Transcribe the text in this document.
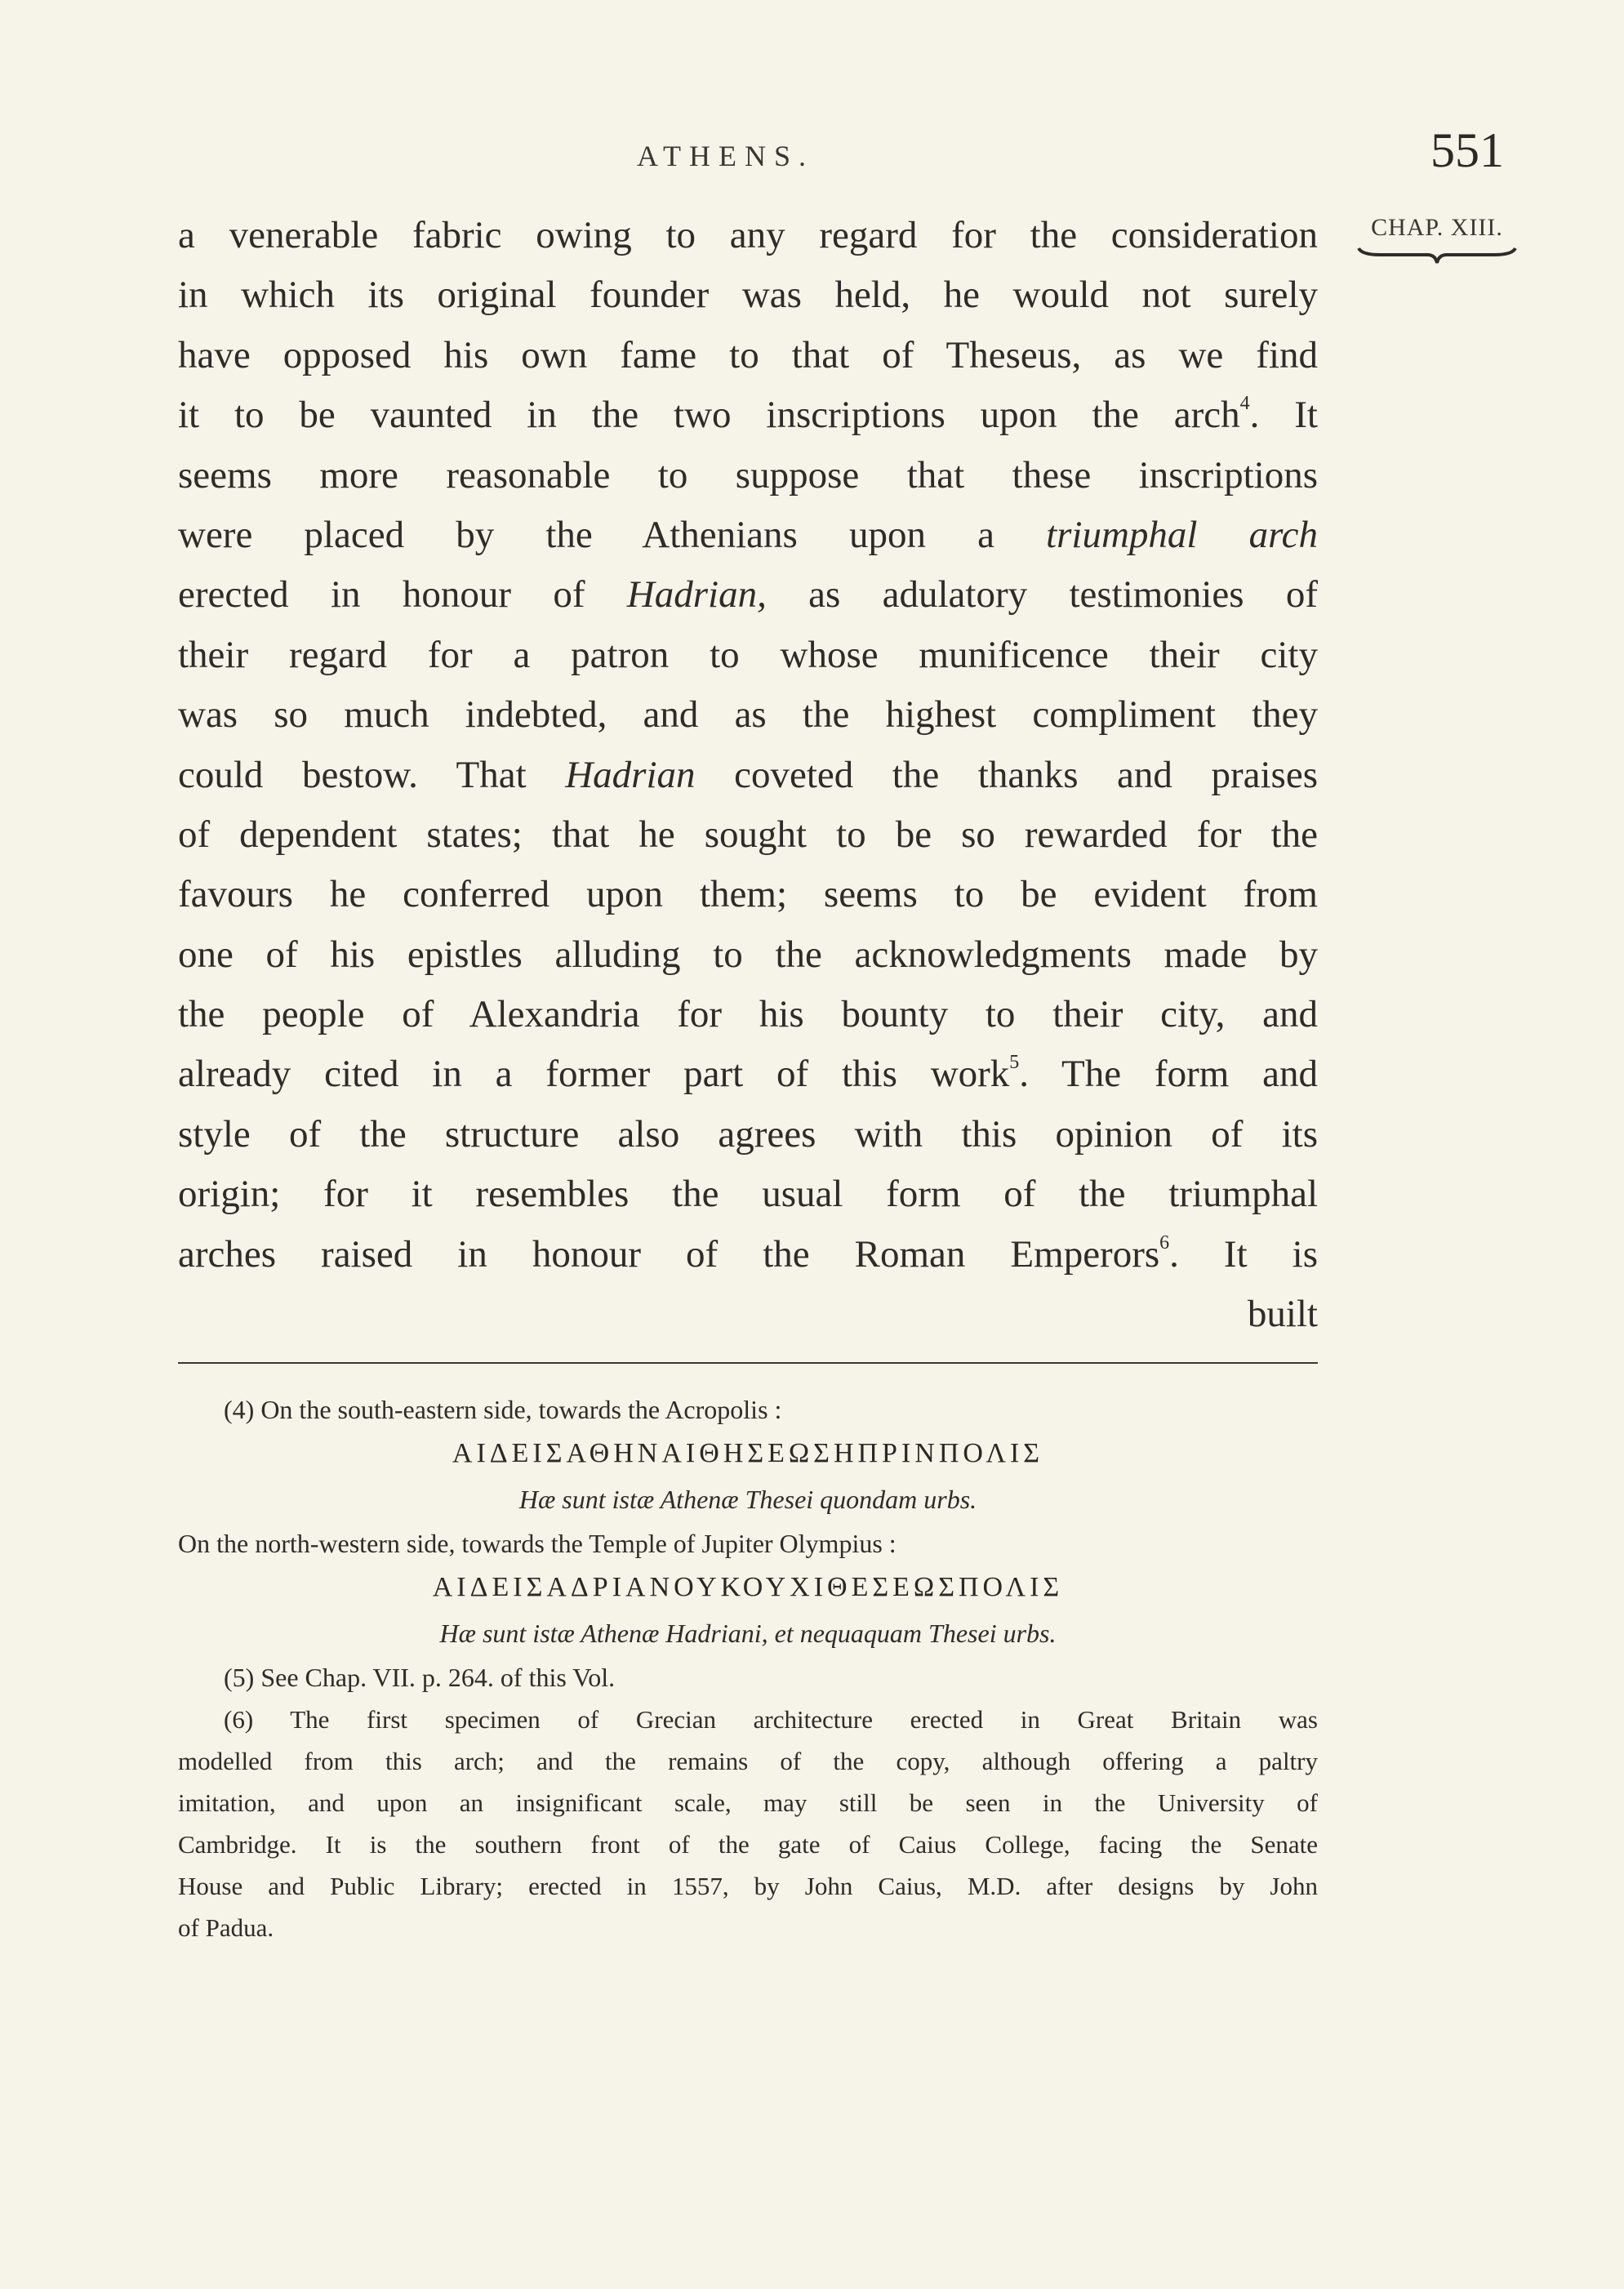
ATHENS.	551
CHAP. XIII.
a venerable fabric owing to any regard for the consideration
in which its original founder was held, he would not surely
have opposed his own fame to that of Theseus, as we find
it to be vaunted in the two inscriptions upon the arch$^4$. It
seems more reasonable to suppose that these inscriptions
were placed by the Athenians upon a triumphal arch
erected in honour of Hadrian, as adulatory testimonies of
their regard for a patron to whose munificence their city
was so much indebted, and as the highest compliment they
could bestow. That Hadrian coveted the thanks and praises
of dependent states; that he sought to be so rewarded for the
favours he conferred upon them; seems to be evident from
one of his epistles alluding to the acknowledgments made by
the people of Alexandria for his bounty to their city, and
already cited in a former part of this work$^5$. The form and
style of the structure also agrees with this opinion of its
origin; for it resembles the usual form of the triumphal
arches raised in honour of the Roman Emperors$^6$. It is
built
(4) On the south-eastern side, towards the Acropolis :
ΑΙΔΕΙΣΑΘΗΝΑΙΘΗΣΕΩΣΗΠΡΙΝΠΟΛΙΣ
Hæ sunt istæ Athenæ Thesei quondam urbs.
On the north-western side, towards the Temple of Jupiter Olympius :
ΑΙΔΕΙΣΑΔΡΙΑΝΟΥΚΟΥΧΙΘΕΣΕΩΣΠΟΛΙΣ
Hæ sunt istæ Athenæ Hadriani, et nequaquam Thesei urbs.
(5) See Chap. VII. p. 264. of this Vol.
(6) The first specimen of Grecian architecture erected in Great Britain was
modelled from this arch; and the remains of the copy, although offering a paltry
imitation, and upon an insignificant scale, may still be seen in the University of
Cambridge. It is the southern front of the gate of Caius College, facing the Senate
House and Public Library; erected in 1557, by John Caius, M.D. after designs by John
of Padua.
